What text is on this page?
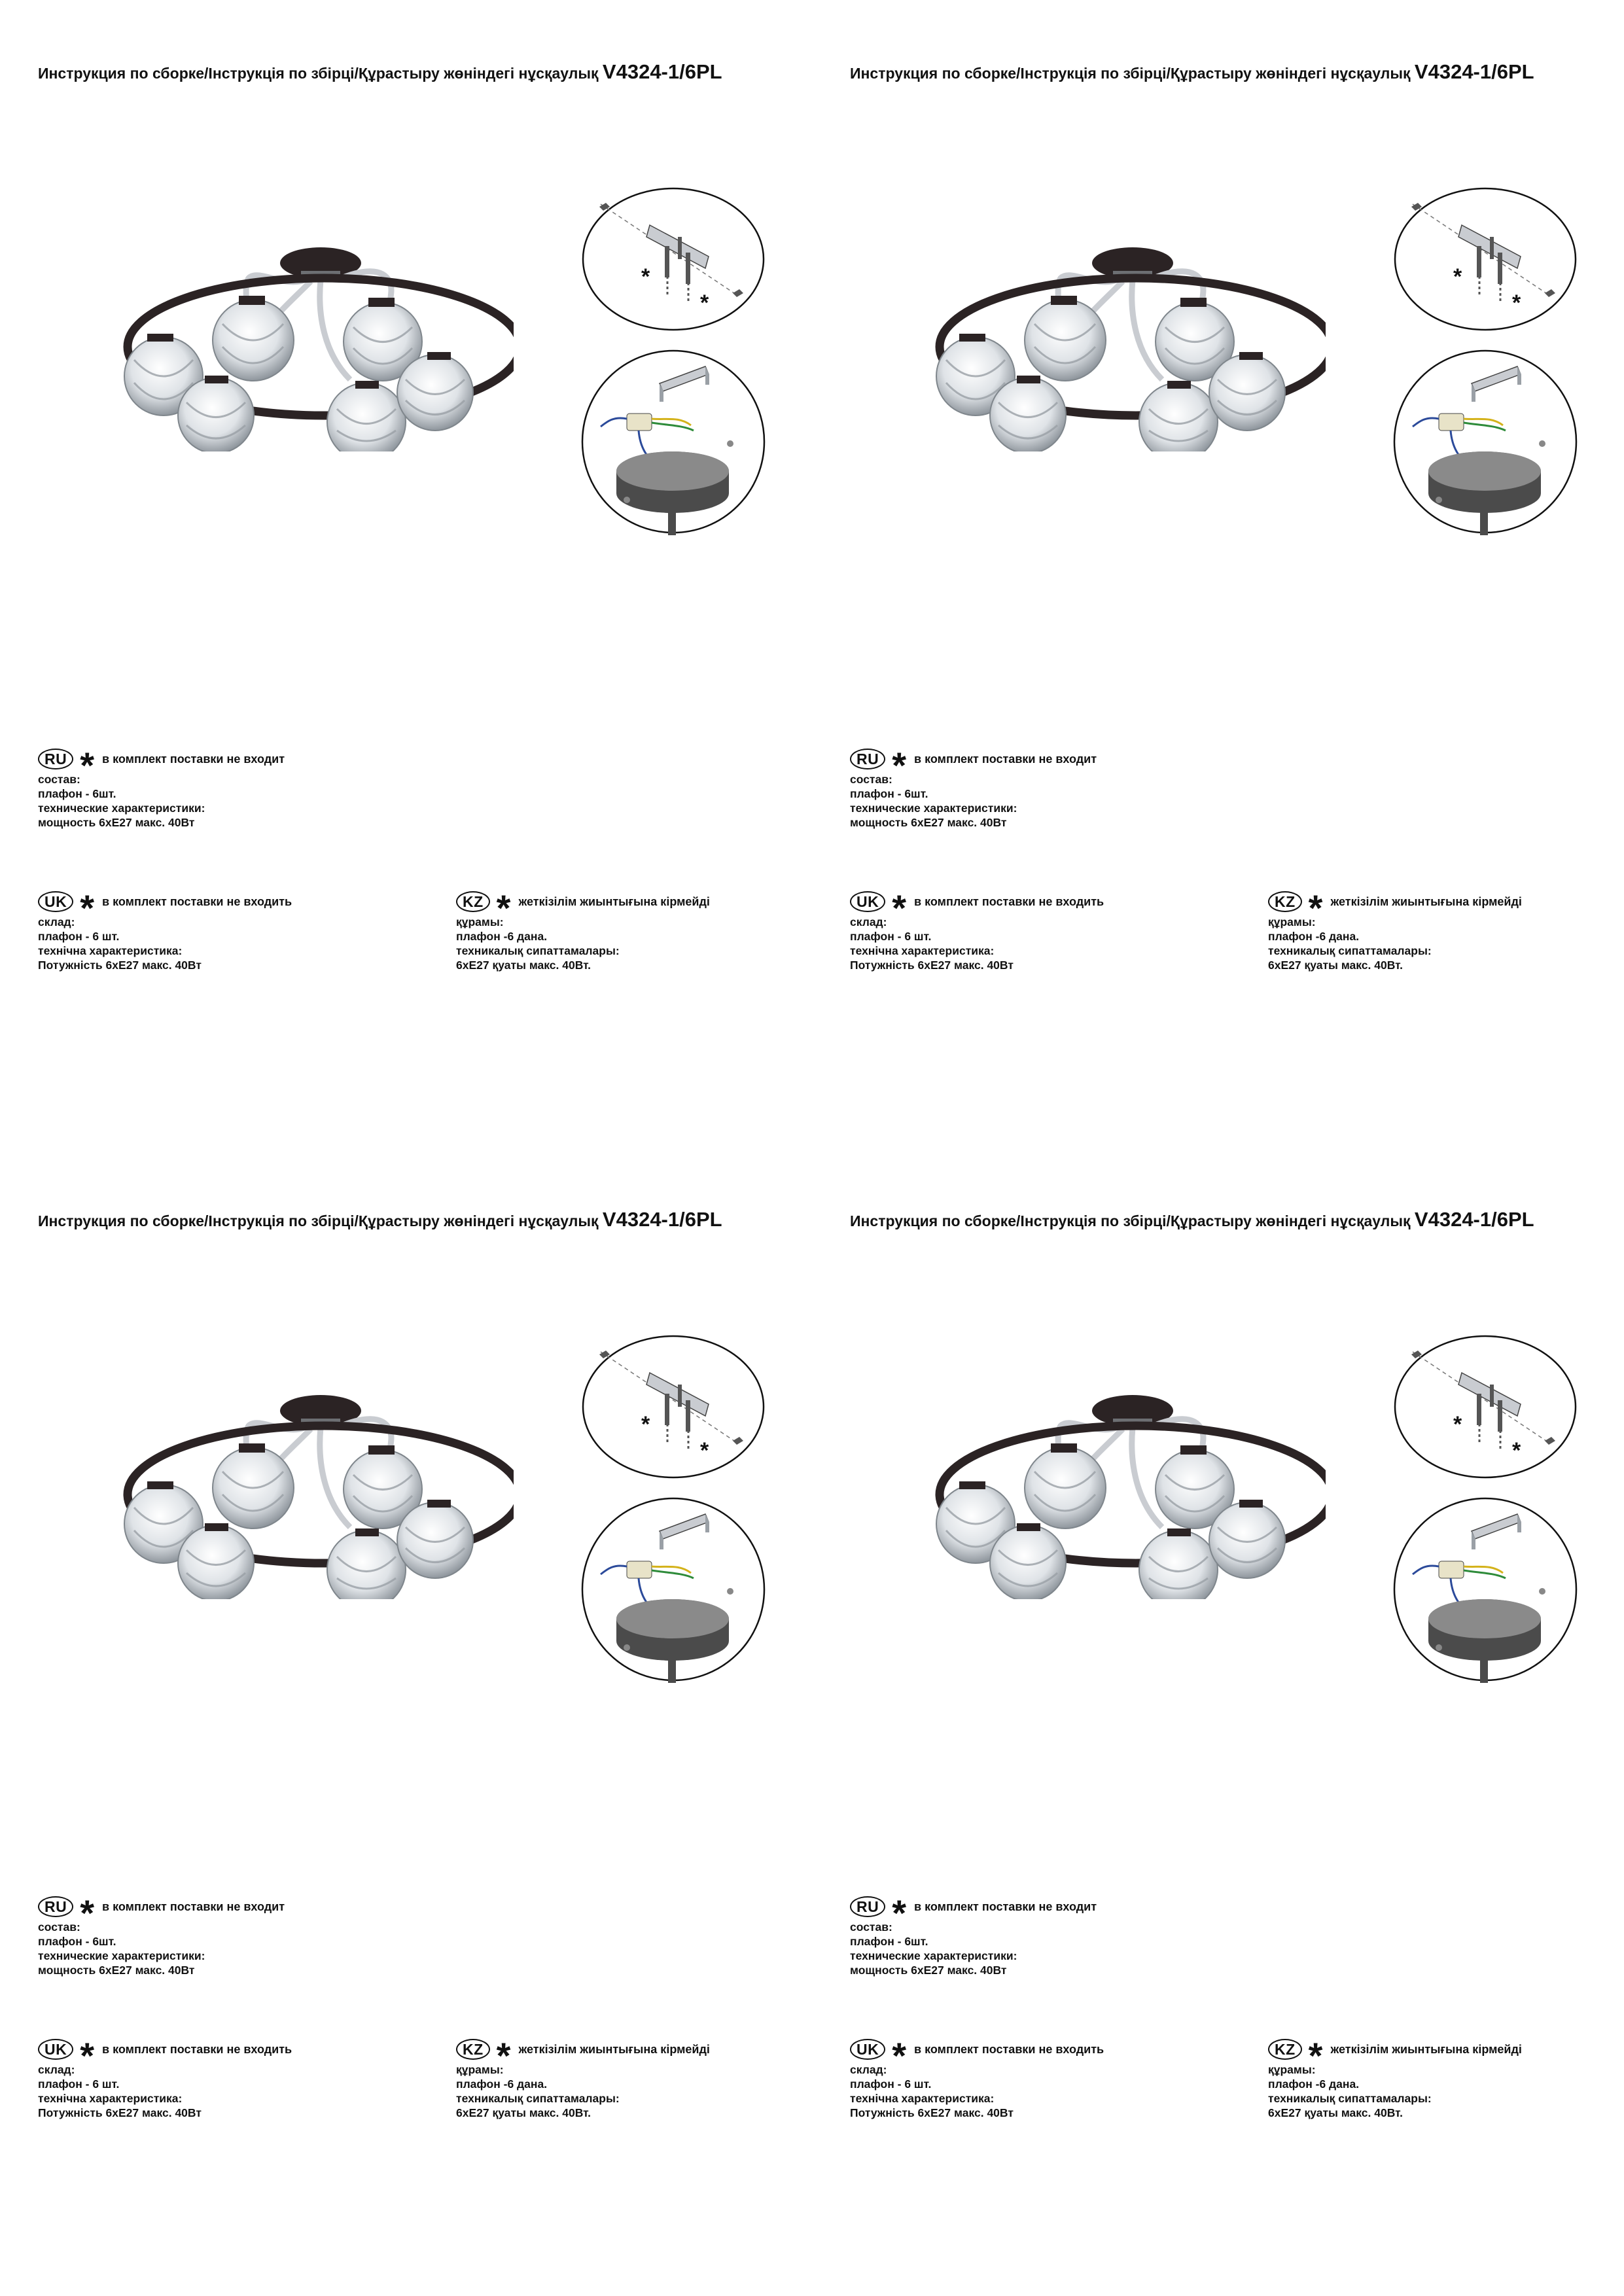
Инструкция по сборке/Інструкція по збірці/Құрастыру жөніндегі нұсқаулық V4324-1/6PL
*
*
RU * в комплект поставки не входит
состав:
плафон - 6шт.
технические характеристики:
мощность 6xE27 макс. 40Вт
UK * в комплект поставки не входить
склад:
плафон - 6 шт.
технічна характеристика:
Потужність 6xE27 макс. 40Вт
KZ * жеткізілім жиынтығына кірмейді
құрамы:
плафон -6 дана.
техникалық сипаттамалары:
6xE27 қуаты макс. 40Вт.
Инструкция по сборке/Інструкція по збірці/Құрастыру жөніндегі нұсқаулық V4324-1/6PL
*
*
RU * в комплект поставки не входит
состав:
плафон - 6шт.
технические характеристики:
мощность 6xE27 макс. 40Вт
UK * в комплект поставки не входить
склад:
плафон - 6 шт.
технічна характеристика:
Потужність 6xE27 макс. 40Вт
KZ * жеткізілім жиынтығына кірмейді
құрамы:
плафон -6 дана.
техникалық сипаттамалары:
6xE27 қуаты макс. 40Вт.
Инструкция по сборке/Інструкція по збірці/Құрастыру жөніндегі нұсқаулық V4324-1/6PL
*
*
RU * в комплект поставки не входит
состав:
плафон - 6шт.
технические характеристики:
мощность 6xE27 макс. 40Вт
UK * в комплект поставки не входить
склад:
плафон - 6 шт.
технічна характеристика:
Потужність 6xE27 макс. 40Вт
KZ * жеткізілім жиынтығына кірмейді
құрамы:
плафон -6 дана.
техникалық сипаттамалары:
6xE27 қуаты макс. 40Вт.
Инструкция по сборке/Інструкція по збірці/Құрастыру жөніндегі нұсқаулық V4324-1/6PL
*
*
RU * в комплект поставки не входит
состав:
плафон - 6шт.
технические характеристики:
мощность 6xE27 макс. 40Вт
UK * в комплект поставки не входить
склад:
плафон - 6 шт.
технічна характеристика:
Потужність 6xE27 макс. 40Вт
KZ * жеткізілім жиынтығына кірмейді
құрамы:
плафон -6 дана.
техникалық сипаттамалары:
6xE27 қуаты макс. 40Вт.
